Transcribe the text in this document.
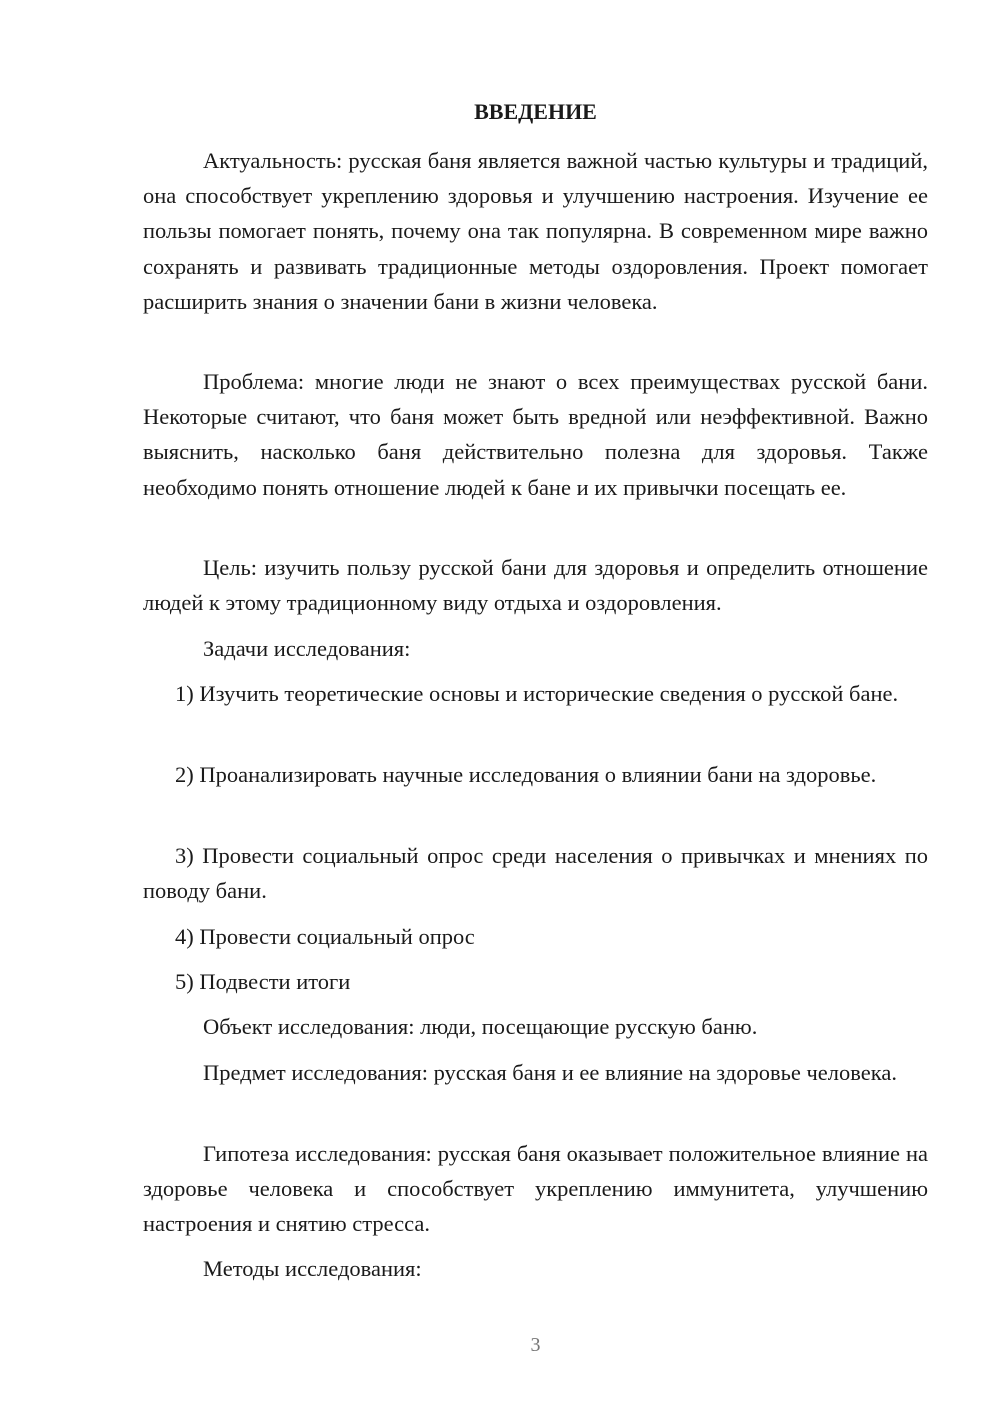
ВВЕДЕНИЕ

Актуальность: русская баня является важной частью культуры и традиций, она способствует укреплению здоровья и улучшению настроения. Изучение ее пользы помогает понять, почему она так популярна. В современном мире важно сохранять и развивать традиционные методы оздоровления. Проект помогает расширить знания о значении бани в жизни человека.

Проблема: многие люди не знают о всех преимуществах русской бани. Некоторые считают, что баня может быть вредной или неэффективной. Важно выяснить, насколько баня действительно полезна для здоровья. Также необходимо понять отношение людей к бане и их привычки посещать ее.

Цель: изучить пользу русской бани для здоровья и определить отношение людей к этому традиционному виду отдыха и оздоровления.

Задачи исследования:

1) Изучить теоретические основы и исторические сведения о русской бане.

2) Проанализировать научные исследования о влиянии бани на здоровье.

3) Провести социальный опрос среди населения о привычках и мнениях по поводу бани.

4) Провести социальный опрос

5) Подвести итоги

Объект исследования: люди, посещающие русскую баню.

Предмет исследования: русская баня и ее влияние на здоровье человека.

Гипотеза исследования: русская баня оказывает положительное влияние на здоровье человека и способствует укреплению иммунитета, улучшению настроения и снятию стресса.

Методы исследования:

3
